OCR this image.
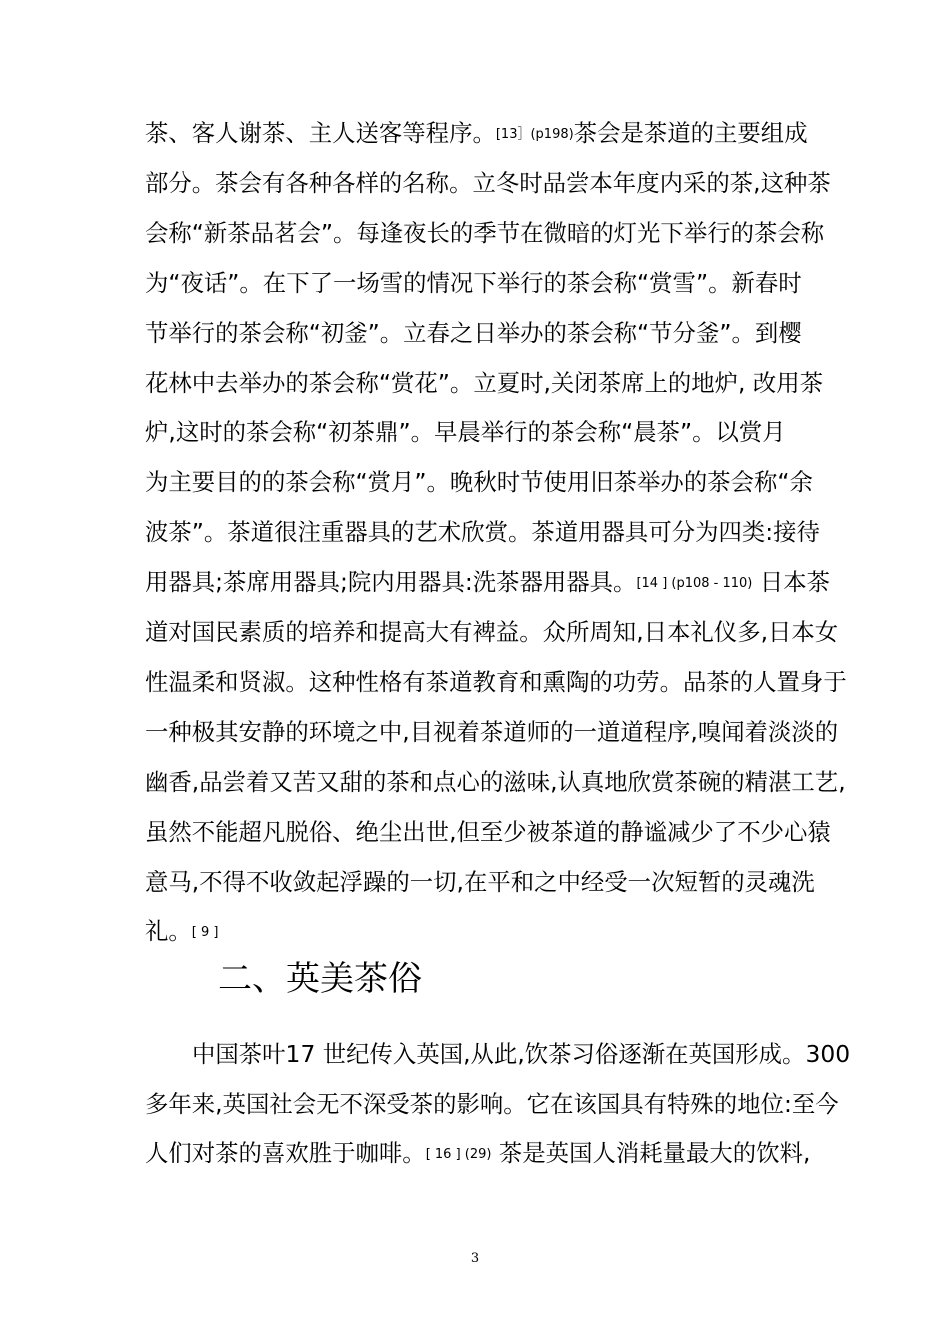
茶、客人谢茶、主人送客等程序。[13］(p198)茶会是茶道的主要组成
部分。茶会有各种各样的名称。立冬时品尝本年度内采的茶,这种茶
会称“新茶品茗会”。每逢夜长的季节在微暗的灯光下举行的茶会称
为“夜话”。在下了一场雪的情况下举行的茶会称“赏雪”。新春时
节举行的茶会称“初釜”。立春之日举办的茶会称“节分釜”。到樱
花林中去举办的茶会称“赏花”。立夏时,关闭茶席上的地炉, 改用茶
炉,这时的茶会称“初茶鼎”。早晨举行的茶会称“晨茶”。以赏月
为主要目的的茶会称“赏月”。晚秋时节使用旧茶举办的茶会称“余
波茶”。茶道很注重器具的艺术欣赏。茶道用器具可分为四类:接待
用器具;茶席用器具;院内用器具:洗茶器用器具。[14 ] (p108 - 110) 日本茶
道对国民素质的培养和提高大有裨益。众所周知,日本礼仪多,日本女
性温柔和贤淑。这种性格有茶道教育和熏陶的功劳。品茶的人置身于
一种极其安静的环境之中,目视着茶道师的一道道程序,嗅闻着淡淡的
幽香,品尝着又苦又甜的茶和点心的滋味,认真地欣赏茶碗的精湛工艺,
虽然不能超凡脱俗、绝尘出世,但至少被茶道的静谧减少了不少心猿
意马,不得不收敛起浮躁的一切,在平和之中经受一次短暂的灵魂洗
礼。[ 9 ]
二、英美茶俗
中国茶叶17 世纪传入英国,从此,饮茶习俗逐渐在英国形成。300
多年来,英国社会无不深受茶的影响。它在该国具有特殊的地位:至今
人们对茶的喜欢胜于咖啡。[ 16 ] (29) 茶是英国人消耗量最大的饮料,
3
